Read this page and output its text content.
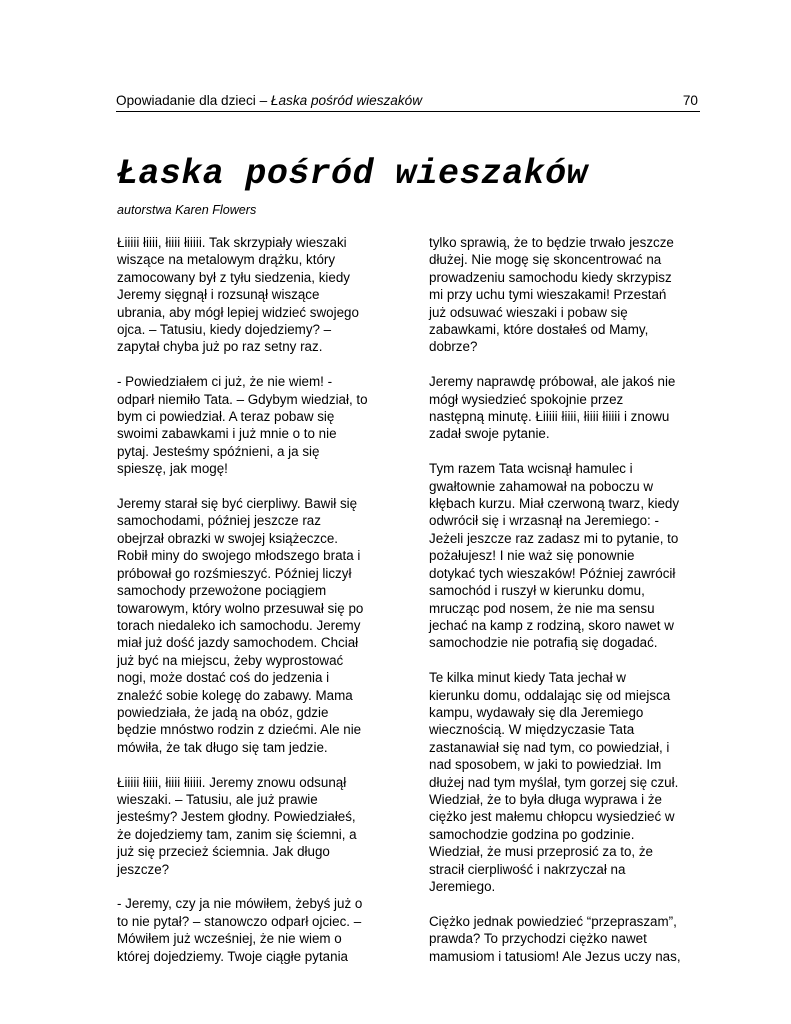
Opowiadanie dla dzieci – Łaska pośród wieszaków	70
Łaska pośród wieszaków
autorstwa Karen Flowers

Łiiiii łiiii, łiiii łiiiii. Tak skrzypiały wieszaki
wiszące na metalowym drążku, który
zamocowany był z tyłu siedzenia, kiedy
Jeremy sięgnął i rozsunął wiszące
ubrania, aby mógł lepiej widzieć swojego
ojca. – Tatusiu, kiedy dojedziemy? –
zapytał chyba już po raz setny raz.

- Powiedziałem ci już, że nie wiem! -
odparł niemiło Tata. – Gdybym wiedział, to
bym ci powiedział. A teraz pobaw się
swoimi zabawkami i już mnie o to nie
pytaj. Jesteśmy spóźnieni, a ja się
spieszę, jak mogę!

Jeremy starał się być cierpliwy. Bawił się
samochodami, później jeszcze raz
obejrzał obrazki w swojej książeczce.
Robił miny do swojego młodszego brata i
próbował go rozśmieszyć. Później liczył
samochody przewożone pociągiem
towarowym, który wolno przesuwał się po
torach niedaleko ich samochodu. Jeremy
miał już dość jazdy samochodem. Chciał
już być na miejscu, żeby wyprostować
nogi, może dostać coś do jedzenia i
znaleźć sobie kolegę do zabawy. Mama
powiedziała, że jadą na obóz, gdzie
będzie mnóstwo rodzin z dziećmi. Ale nie
mówiła, że tak długo się tam jedzie.

Łiiiii łiiii, łiiii łiiiii. Jeremy znowu odsunął
wieszaki. – Tatusiu, ale już prawie
jesteśmy? Jestem głodny. Powiedziałeś,
że dojedziemy tam, zanim się ściemni, a
już się przecież ściemnia. Jak długo
jeszcze?

- Jeremy, czy ja nie mówiłem, żebyś już o
to nie pytał? – stanowczo odparł ojciec. –
Mówiłem już wcześniej, że nie wiem o
której dojedziemy. Twoje ciągłe pytania

tylko sprawią, że to będzie trwało jeszcze
dłużej. Nie mogę się skoncentrować na
prowadzeniu samochodu kiedy skrzypisz
mi przy uchu tymi wieszakami! Przestań
już odsuwać wieszaki i pobaw się
zabawkami, które dostałeś od Mamy,
dobrze?

Jeremy naprawdę próbował, ale jakoś nie
mógł wysiedzieć spokojnie przez
następną minutę. Łiiiii łiiii, łiiii łiiiii i znowu
zadał swoje pytanie.

Tym razem Tata wcisnął hamulec i
gwałtownie zahamował na poboczu w
kłębach kurzu. Miał czerwoną twarz, kiedy
odwrócił się i wrzasnął na Jeremiego: -
Jeżeli jeszcze raz zadasz mi to pytanie, to
pożałujesz! I nie waż się ponownie
dotykać tych wieszaków! Później zawrócił
samochód i ruszył w kierunku domu,
mrucząc pod nosem, że nie ma sensu
jechać na kamp z rodziną, skoro nawet w
samochodzie nie potrafią się dogadać.

Te kilka minut kiedy Tata jechał w
kierunku domu, oddalając się od miejsca
kampu, wydawały się dla Jeremiego
wiecznością. W międzyczasie Tata
zastanawiał się nad tym, co powiedział, i
nad sposobem, w jaki to powiedział. Im
dłużej nad tym myślał, tym gorzej się czuł.
Wiedział, że to była długa wyprawa i że
ciężko jest małemu chłopcu wysiedzieć w
samochodzie godzina po godzinie.
Wiedział, że musi przeprosić za to, że
stracił cierpliwość i nakrzyczał na
Jeremiego.

Ciężko jednak powiedzieć “przepraszam”,
prawda? To przychodzi ciężko nawet
mamusiom i tatusiom! Ale Jezus uczy nas,
